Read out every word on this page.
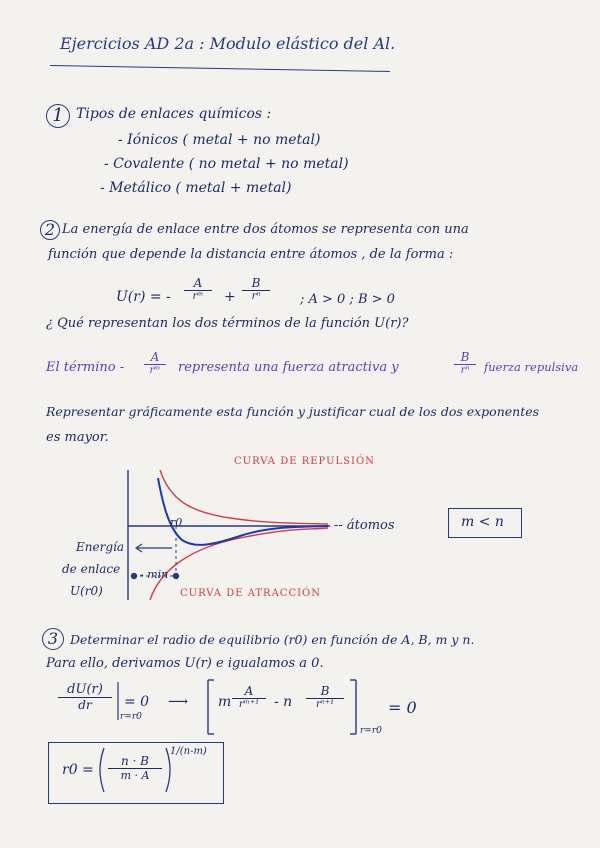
Ejercicios AD 2a : Modulo elástico del Al.
1 Tipos de enlaces químicos :
- Iónicos ( metal + no metal)
- Covalente ( no metal + no metal)
- Metálico ( metal + metal)
2 La energía de enlace entre dos átomos se representa con una
función que depende la distancia entre átomos , de la forma :
U(r) = -
A
rᵐ	+
B
rⁿ	; A > 0 ; B > 0
¿ Qué representan los dos términos de la función U(r)?
El término -
A
rᵐ	representa una fuerza atractiva y
B
rⁿ	fuerza repulsiva
Representar gráficamente esta función y justificar cual de los dos exponentes
es mayor.
CURVA DE REPULSIÓN
CURVA DE ATRACCIÓN
r0	-- átomos
Energía
de enlace
U(r0)
- min
m < n
3 Determinar el radio de equilibrio (r0) en función de A, B, m y n.
Para ello, derivamos U(r) e igualamos a 0.
$\frac{dU(r)}{dr}$
r=r0
= 0 ⟶ m
A
rᵐ⁺¹	- n
B
rⁿ⁺¹
r=r0
= 0
$r0 = \frac{n \cdot B}{m \cdot A}$
1/(n-m)
